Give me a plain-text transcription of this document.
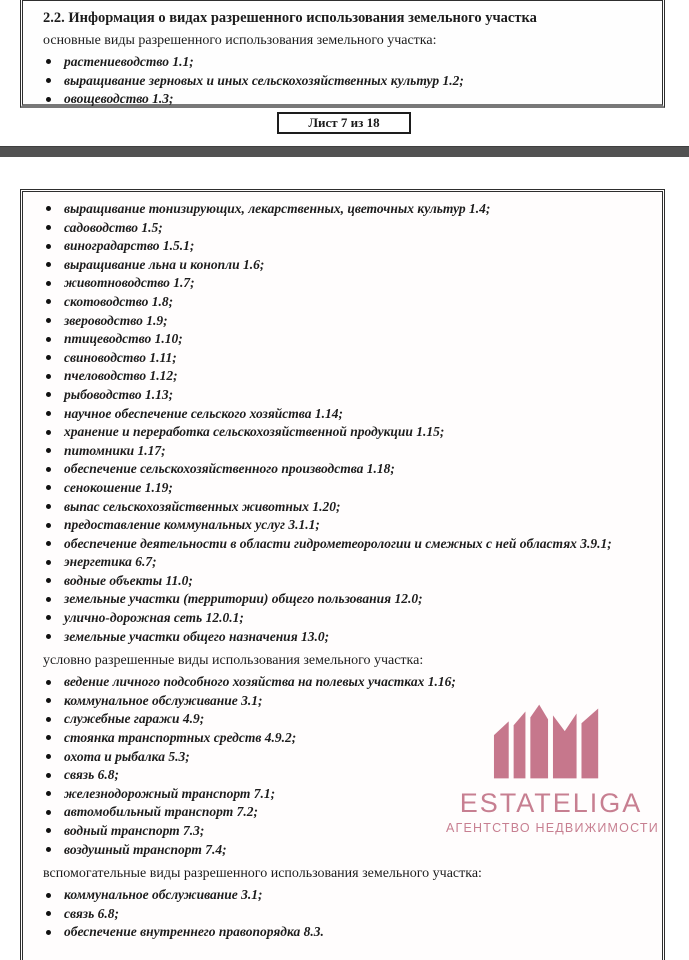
2.2. Информация о видах разрешенного использования земельного участка
основные виды разрешенного использования земельного участка:
растениеводство 1.1;
выращивание зерновых и иных сельскохозяйственных культур 1.2;
овощеводство 1.3;
Лист 7 из 18
выращивание тонизирующих, лекарственных, цветочных культур 1.4;
садоводство 1.5;
виноградарство 1.5.1;
выращивание льна и конопли 1.6;
животноводство 1.7;
скотоводство 1.8;
звероводство 1.9;
птицеводство 1.10;
свиноводство 1.11;
пчеловодство 1.12;
рыбоводство 1.13;
научное обеспечение сельского хозяйства 1.14;
хранение и переработка сельскохозяйственной продукции 1.15;
питомники 1.17;
обеспечение сельскохозяйственного производства 1.18;
сенокошение 1.19;
выпас сельскохозяйственных животных 1.20;
предоставление коммунальных услуг 3.1.1;
обеспечение деятельности в области гидрометеорологии и смежных с ней областях 3.9.1;
энергетика 6.7;
водные объекты 11.0;
земельные участки (территории) общего пользования 12.0;
улично-дорожная сеть 12.0.1;
земельные участки общего назначения 13.0;
условно разрешенные виды использования земельного участка:
ведение личного подсобного хозяйства на полевых участках 1.16;
коммунальное обслуживание 3.1;
служебные гаражи 4.9;
стоянка транспортных средств 4.9.2;
охота и рыбалка 5.3;
связь 6.8;
железнодорожный транспорт 7.1;
автомобильный транспорт 7.2;
водный транспорт 7.3;
воздушный транспорт 7.4;
вспомогательные виды разрешенного использования земельного участка:
коммунальное обслуживание 3.1;
связь 6.8;
обеспечение внутреннего правопорядка 8.3.
ESTATELIGA
АГЕНТСТВО НЕДВИЖИМОСТИ
